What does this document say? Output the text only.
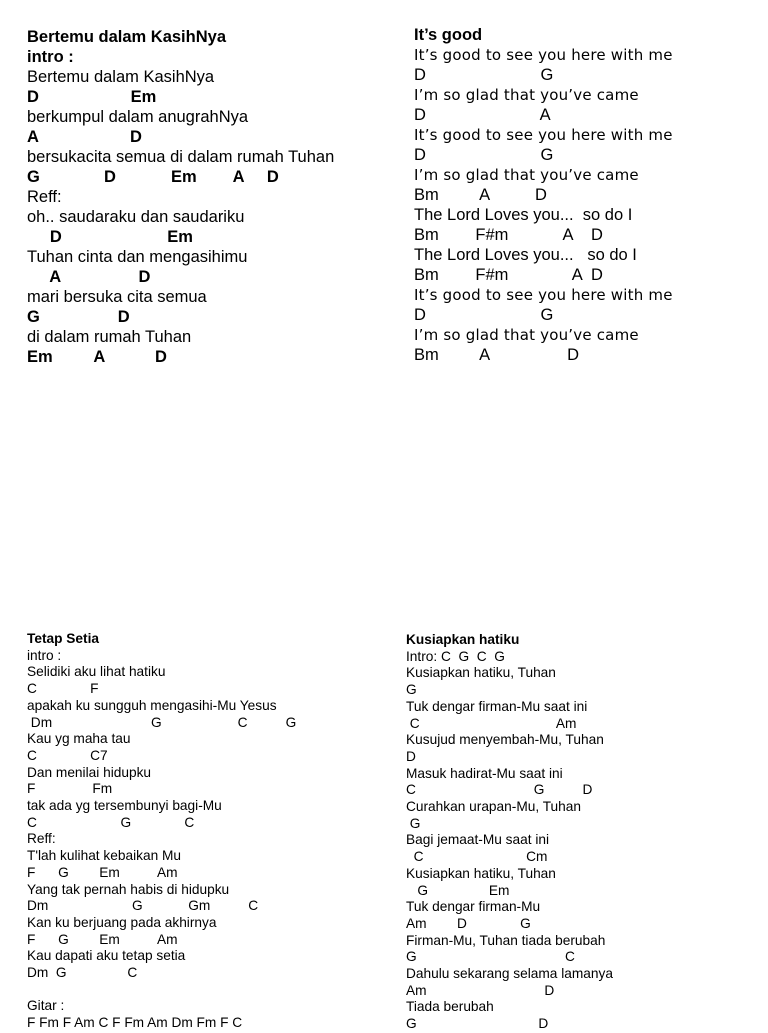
Bertemu dalam KasihNya
intro :
Bertemu dalam KasihNya
D                    Em
berkumpul dalam anugrahNya
A                    D
bersukacita semua di dalam rumah Tuhan
G              D            Em        A     D
Reff:
oh.. saudaraku dan saudariku
D                       Em
Tuhan cinta dan mengasihimu
A                 D
mari bersuka cita semua
G                 D
di dalam rumah Tuhan
Em         A           D
It’s good
It’s good to see you here with me
D                         G
I’m so glad that you’ve came
D                         A
It’s good to see you here with me
D                         G
I’m so glad that you’ve came
Bm         A          D
The Lord Loves you...  so do I
Bm        F#m            A    D
The Lord Loves you...   so do I
Bm        F#m              A  D
It’s good to see you here with me
D                         G
I’m so glad that you’ve came
Bm         A                 D
Tetap Setia
intro :
Selidiki aku lihat hatiku
C              F
apakah ku sungguh mengasihi-Mu Yesus
Dm                          G                    C          G
Kau yg maha tau
C              C7
Dan menilai hidupku
F               Fm
tak ada yg tersembunyi bagi-Mu
C                      G              C
Reff:
T'lah kulihat kebaikan Mu
F      G        Em          Am
Yang tak pernah habis di hidupku
Dm                      G            Gm          C
Kan ku berjuang pada akhirnya
F      G        Em          Am
Kau dapati aku tetap setia
Dm  G                C

Gitar :
F Fm F Am C F Fm Am Dm Fm F C
Kusiapkan hatiku
Intro: C  G  C  G
Kusiapkan hatiku, Tuhan
G
Tuk dengar firman-Mu saat ini
C                                    Am
Kusujud menyembah-Mu, Tuhan
D
Masuk hadirat-Mu saat ini
C                               G          D
Curahkan urapan-Mu, Tuhan
G
Bagi jemaat-Mu saat ini
C                           Cm
Kusiapkan hatiku, Tuhan
G                Em
Tuk dengar firman-Mu
Am        D              G
Firman-Mu, Tuhan tiada berubah
G                                       C
Dahulu sekarang selama lamanya
Am                               D
Tiada berubah
G                                D
